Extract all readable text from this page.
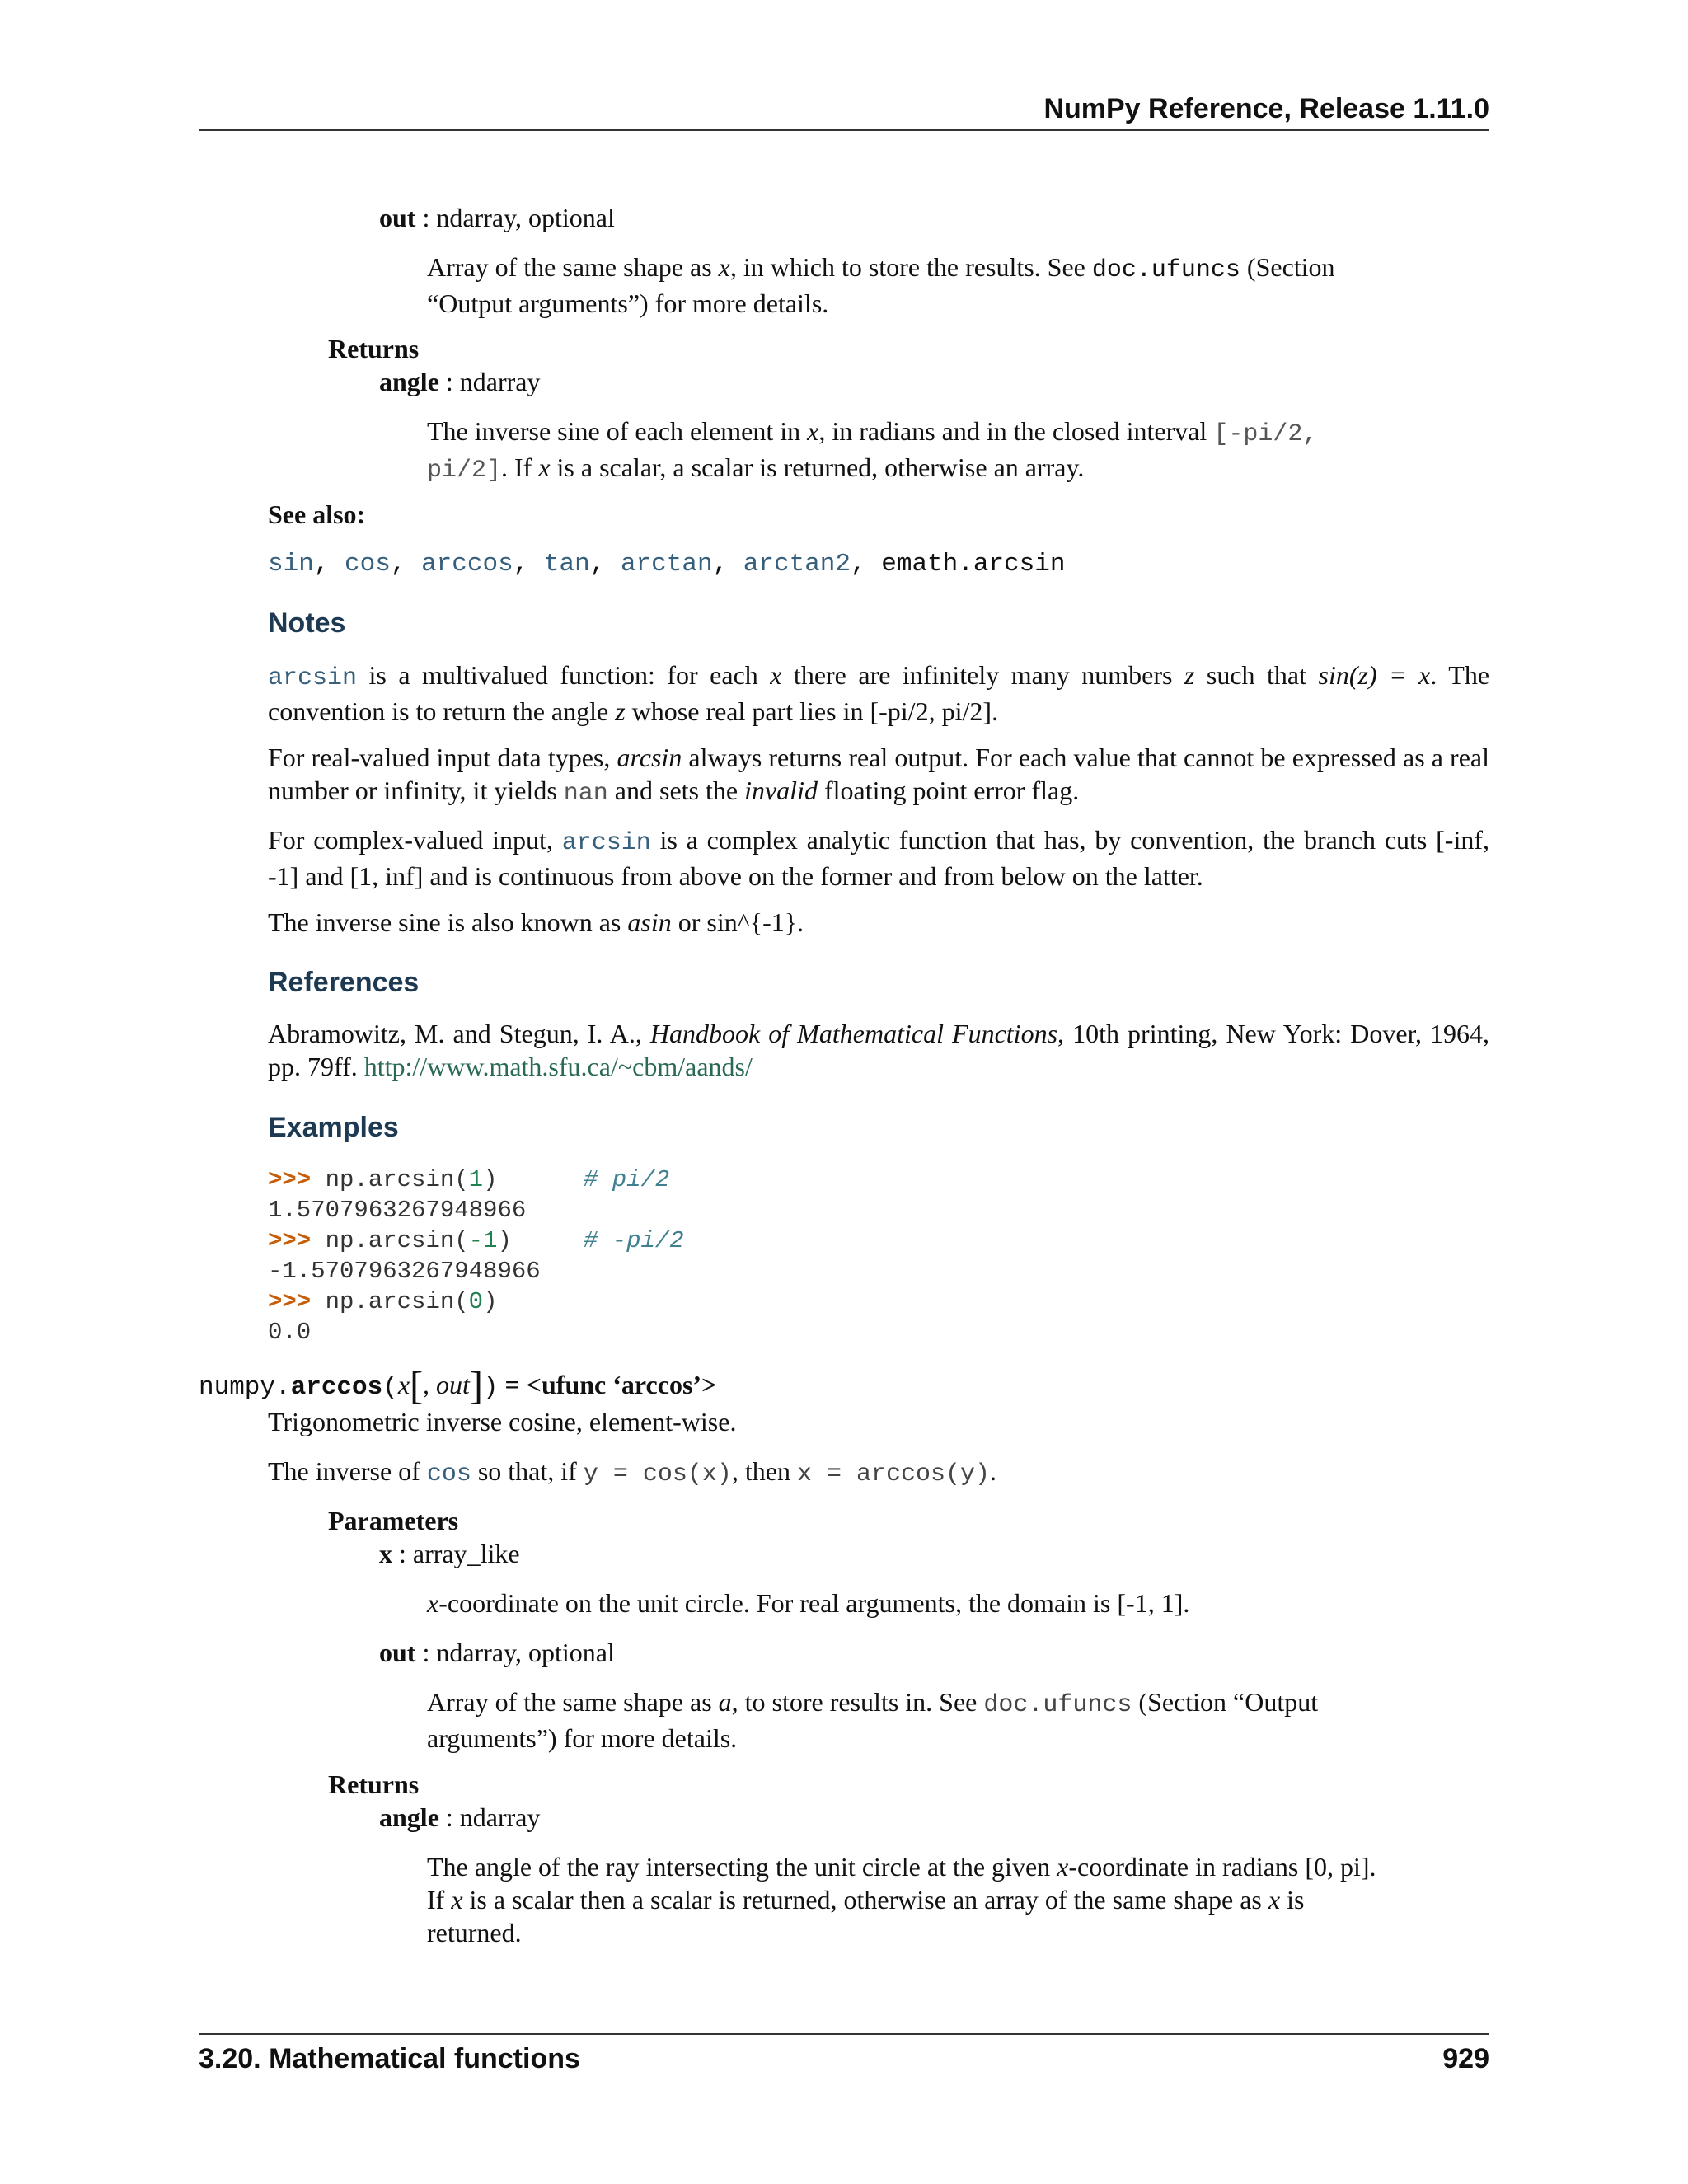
NumPy Reference, Release 1.11.0
out : ndarray, optional

Array of the same shape as x, in which to store the results. See doc.ufuncs (Section “Output arguments”) for more details.

Returns
angle : ndarray

The inverse sine of each element in x, in radians and in the closed interval [-pi/2, pi/2]. If x is a scalar, a scalar is returned, otherwise an array.

See also:
sin, cos, arccos, tan, arctan, arctan2, emath.arcsin
Notes

arcsin is a multivalued function: for each x there are infinitely many numbers z such that sin(z) = x. The convention is to return the angle z whose real part lies in [-pi/2, pi/2].

For real-valued input data types, arcsin always returns real output. For each value that cannot be expressed as a real number or infinity, it yields nan and sets the invalid floating point error flag.

For complex-valued input, arcsin is a complex analytic function that has, by convention, the branch cuts [-inf, -1] and [1, inf] and is continuous from above on the former and from below on the latter.

The inverse sine is also known as asin or sin^{-1}.

References

Abramowitz, M. and Stegun, I. A., Handbook of Mathematical Functions, 10th printing, New York: Dover, 1964, pp. 79ff. http://www.math.sfu.ca/~cbm/aands/

Examples
>>> np.arcsin(1)	# pi/2
1.5707963267948966
>>> np.arcsin(-1)	# -pi/2
-1.5707963267948966
>>> np.arcsin(0)
0.0
numpy.arccos(x[, out]) = <ufunc ‘arccos’>
Trigonometric inverse cosine, element-wise.

The inverse of cos so that, if y = cos(x), then x = arccos(y).

Parameters
x : array_like

x-coordinate on the unit circle. For real arguments, the domain is [-1, 1].

out : ndarray, optional

Array of the same shape as a, to store results in. See doc.ufuncs (Section “Output arguments”) for more details.

Returns
angle : ndarray

The angle of the ray intersecting the unit circle at the given x-coordinate in radians [0, pi]. If x is a scalar then a scalar is returned, otherwise an array of the same shape as x is returned.

3.20. Mathematical functions	929
